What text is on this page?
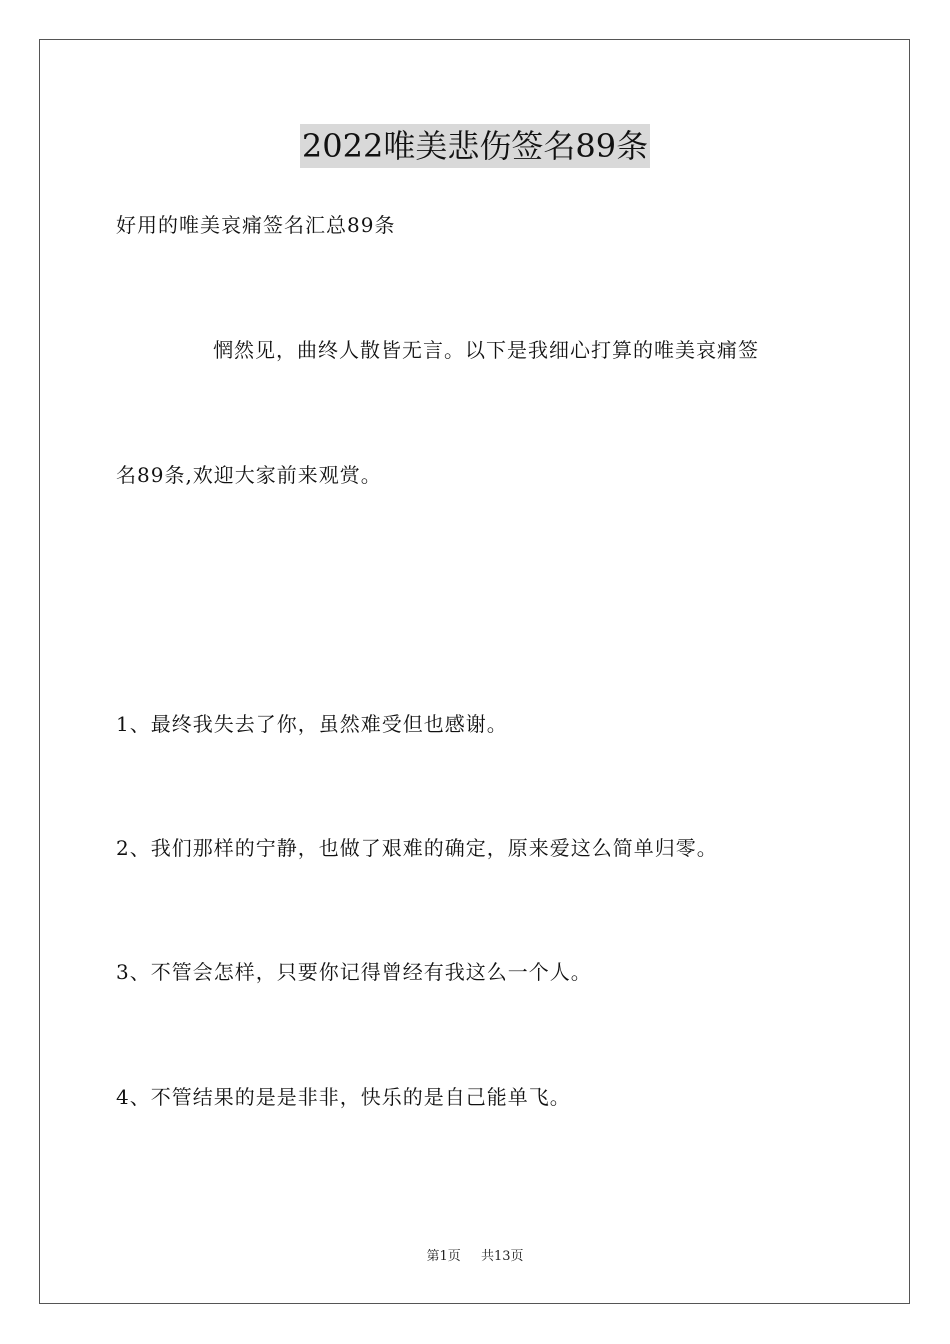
2022唯美悲伤签名89条
好用的唯美哀痛签名汇总89条
惘然见，曲终人散皆无言。以下是我细心打算的唯美哀痛签
名89条,欢迎大家前来观赏。
1、最终我失去了你，虽然难受但也感谢。
2、我们那样的宁静，也做了艰难的确定，原来爱这么简单归零。
3、不管会怎样，只要你记得曾经有我这么一个人。
4、不管结果的是是非非，快乐的是自己能单飞。
第1页 共13页
